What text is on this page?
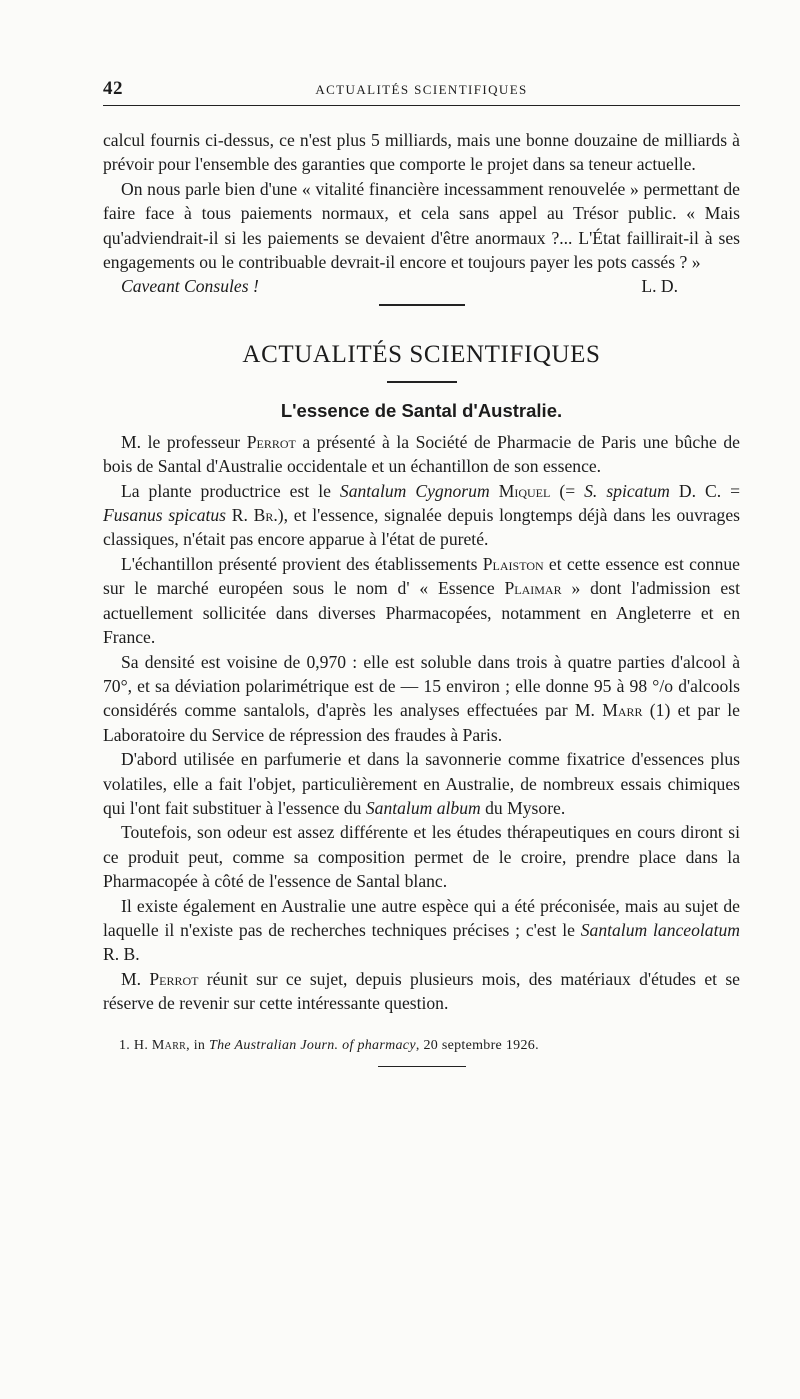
42	ACTUALITÉS SCIENTIFIQUES

calcul fournis ci-dessus, ce n'est plus 5 milliards, mais une bonne douzaine de milliards à prévoir pour l'ensemble des garanties que comporte le projet dans sa teneur actuelle.

On nous parle bien d'une « vitalité financière incessamment renouvelée » permettant de faire face à tous paiements normaux, et cela sans appel au Trésor public. « Mais qu'adviendrait-il si les paiements se devaient d'être anormaux ?... L'État faillirait-il à ses engagements ou le contribuable devrait-il encore et toujours payer les pots cassés ? »

Caveant Consules !	L. D.
ACTUALITÉS SCIENTIFIQUES
L'essence de Santal d'Australie.

M. le professeur Perrot a présenté à la Société de Pharmacie de Paris une bûche de bois de Santal d'Australie occidentale et un échantillon de son essence.

La plante productrice est le Santalum Cygnorum Miquel (= S. spicatum D. C. = Fusanus spicatus R. Br.), et l'essence, signalée depuis longtemps déjà dans les ouvrages classiques, n'était pas encore apparue à l'état de pureté.

L'échantillon présenté provient des établissements Plaiston et cette essence est connue sur le marché européen sous le nom d' « Essence Plaimar » dont l'admission est actuellement sollicitée dans diverses Pharmacopées, notamment en Angleterre et en France.

Sa densité est voisine de 0,970 : elle est soluble dans trois à quatre parties d'alcool à 70°, et sa déviation polarimétrique est de — 15 environ ; elle donne 95 à 98 °/o d'alcools considérés comme santalols, d'après les analyses effectuées par M. Marr (1) et par le Laboratoire du Service de répression des fraudes à Paris.

D'abord utilisée en parfumerie et dans la savonnerie comme fixatrice d'essences plus volatiles, elle a fait l'objet, particulièrement en Australie, de nombreux essais chimiques qui l'ont fait substituer à l'essence du Santalum album du Mysore.

Toutefois, son odeur est assez différente et les études thérapeutiques en cours diront si ce produit peut, comme sa composition permet de le croire, prendre place dans la Pharmacopée à côté de l'essence de Santal blanc.

Il existe également en Australie une autre espèce qui a été préconisée, mais au sujet de laquelle il n'existe pas de recherches techniques précises ; c'est le Santalum lanceolatum R. B.

M. Perrot réunit sur ce sujet, depuis plusieurs mois, des matériaux d'études et se réserve de revenir sur cette intéressante question.

1. H. Marr, in The Australian Journ. of pharmacy, 20 septembre 1926.
